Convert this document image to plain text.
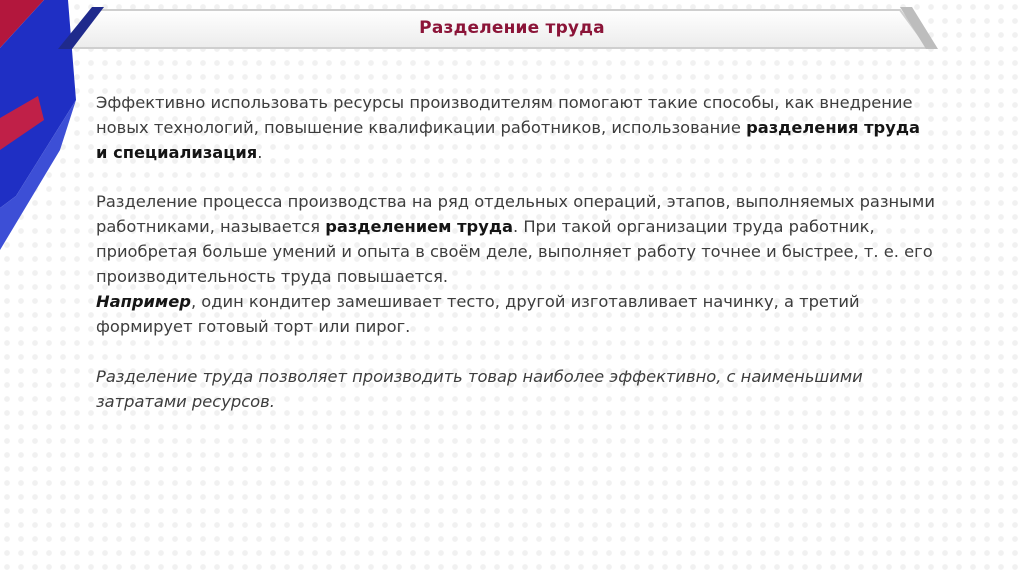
Разделение труда

Эффективно использовать ресурсы производителям помогают такие способы, как внедрение новых технологий, повышение квалификации работников, использование разделения труда и специализация.

Разделение процесса производства на ряд отдельных операций, этапов, выполняемых разными работниками, называется разделением труда. При такой организации труда работник, приобретая больше умений и опыта в своём деле, выполняет работу точнее и быстрее, т. е. его производительность труда повышается.

Например, один кондитер замешивает тесто, другой изготавливает начинку, а третий формирует готовый торт или пирог.

Разделение труда позволяет производить товар наиболее эффективно, с наименьшими затратами ресурсов.
